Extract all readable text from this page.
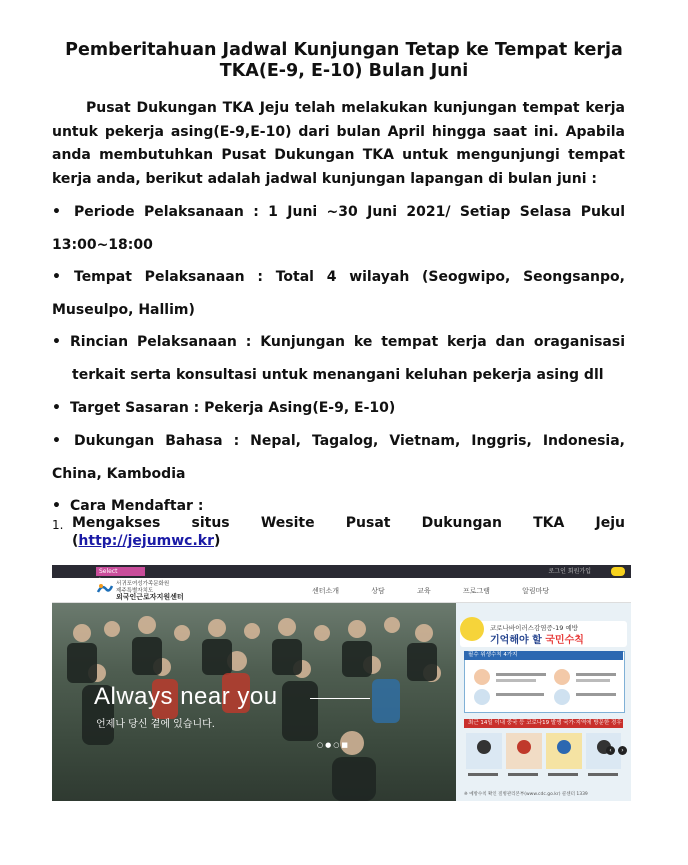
Pemberitahuan Jadwal Kunjungan Tetap ke Tempat kerja
TKA(E-9, E-10) Bulan Juni
Pusat Dukungan TKA Jeju telah melakukan kunjungan tempat kerja untuk pekerja asing(E-9,E-10) dari bulan April hingga saat ini. Apabila anda membutuhkan Pusat Dukungan TKA untuk mengunjungi tempat kerja anda, berikut adalah jadwal kunjungan lapangan di bulan juni :
• Periode Pelaksanaan : 1 Juni ~30 Juni 2021/ Setiap Selasa Pukul
13:00~18:00
• Tempat Pelaksanaan : Total 4 wilayah (Seogwipo, Seongsanpo,
Museulpo, Hallim)
• Rincian Pelaksanaan : Kunjungan ke tempat kerja dan oraganisasi
terkait serta konsultasi untuk menangani keluhan pekerja asing dll
• Target Sasaran : Pekerja Asing(E-9, E-10)
• Dukungan Bahasa : Nepal, Tagalog, Vietnam, Inggris, Indonesia,
China, Kambodia
• Cara Mendaftar :
1. Mengakses situs Wesite Pusat Dukungan TKA Jeju
(http://jejumwc.kr)
Select	로그인 회원가입
서귀포여성가족문화원
제주특별자치도
외국인근로자지원센터
센터소개	상담	교육	프로그램	알림마당
Always near you
언제나 당신 곁에 있습니다.
○●○■
코로나바이러스감염증-19 예방
기억해야 할 국민수칙
필수 위생수칙 4가지
최근 14일 이내 중국 등 코로나19 발생 국가·지역에 방문한 경우
※ 예방수칙 확인 질병관리본부(www.cdc.go.kr) 콜센터 1339
‹	›
